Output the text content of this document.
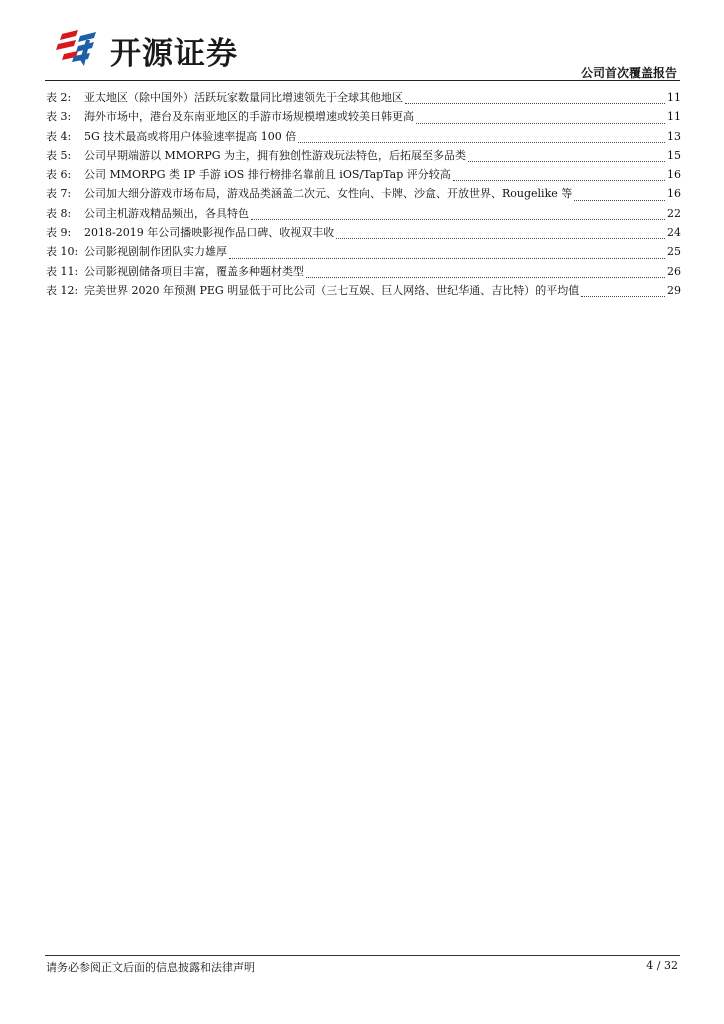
开源证券
公司首次覆盖报告
表 2:	亚太地区（除中国外）活跃玩家数量同比增速领先于全球其他地区	11
表 3:	海外市场中，港台及东南亚地区的手游市场规模增速或较美日韩更高	11
表 4:	5G 技术最高或将用户体验速率提高 100 倍	13
表 5:	公司早期端游以 MMORPG 为主，拥有独创性游戏玩法特色，后拓展至多品类	15
表 6:	公司 MMORPG 类 IP 手游 iOS 排行榜排名靠前且 iOS/TapTap 评分较高	16
表 7:	公司加大细分游戏市场布局，游戏品类涵盖二次元、女性向、卡牌、沙盒、开放世界、Rougelike 等	16
表 8:	公司主机游戏精品频出，各具特色	22
表 9:	2018-2019 年公司播映影视作品口碑、收视双丰收	24
表 10: 公司影视剧制作团队实力雄厚	25
表 11: 公司影视剧储备项目丰富，覆盖多种题材类型	26
表 12: 完美世界 2020 年预测 PEG 明显低于可比公司（三七互娱、巨人网络、世纪华通、吉比特）的平均值	29
请务必参阅正文后面的信息披露和法律声明	4 / 32
